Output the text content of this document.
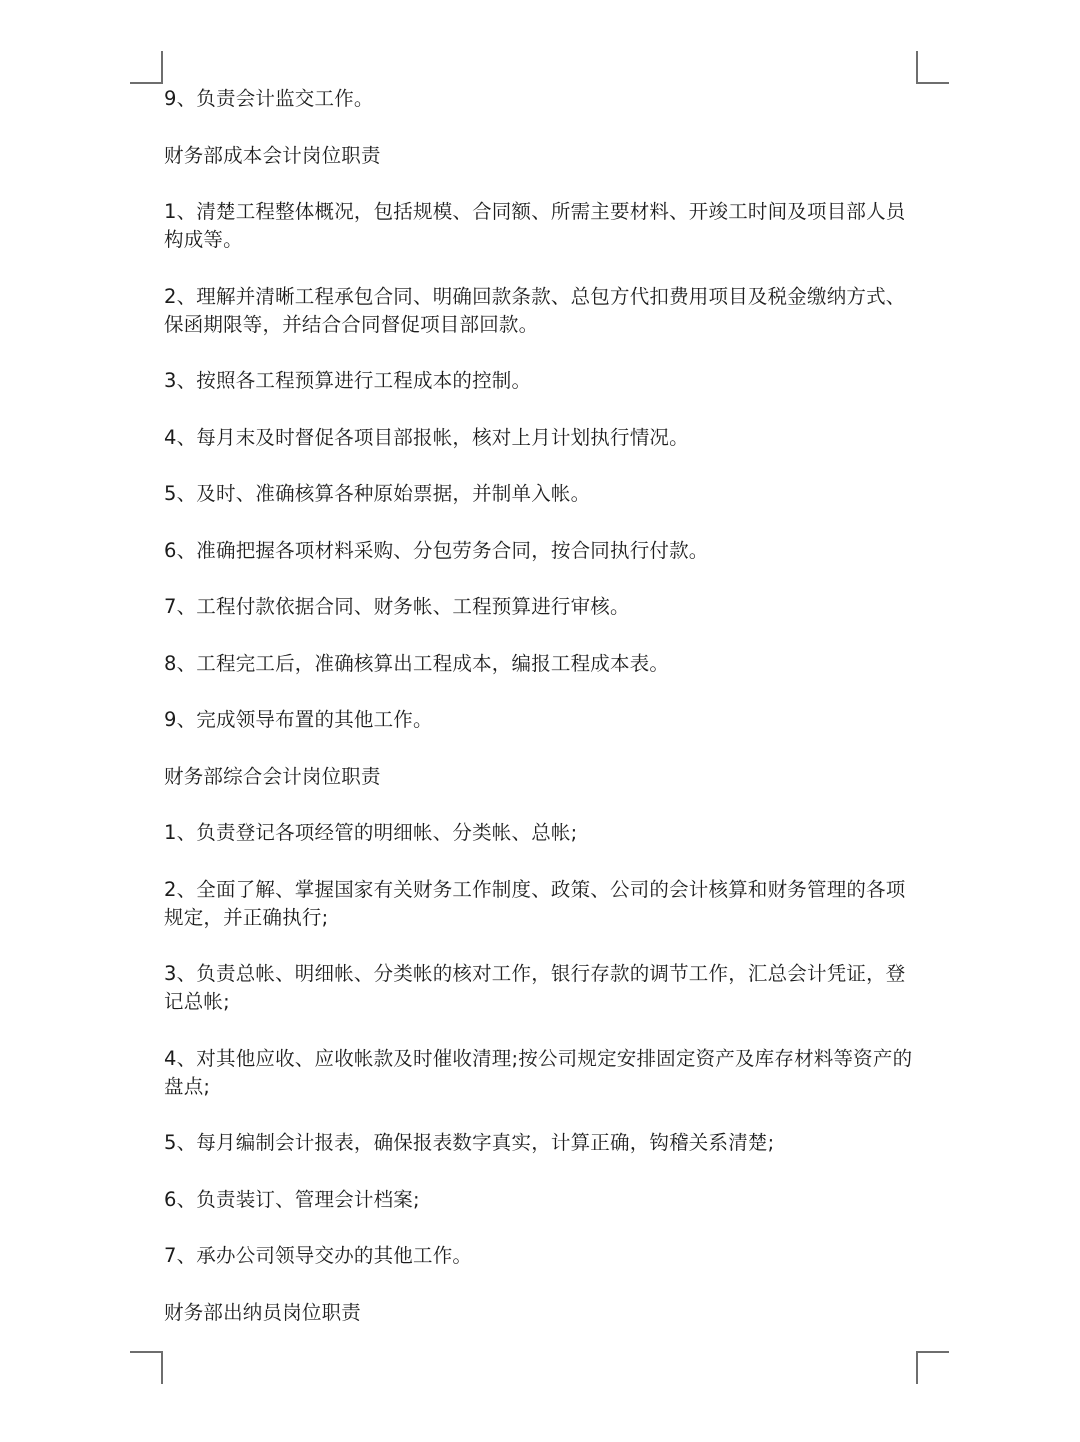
9、负责会计监交工作。

财务部成本会计岗位职责

1、清楚工程整体概况，包括规模、合同额、所需主要材料、开竣工时间及项目部人员构成等。

2、理解并清晰工程承包合同、明确回款条款、总包方代扣费用项目及税金缴纳方式、保函期限等，并结合合同督促项目部回款。

3、按照各工程预算进行工程成本的控制。

4、每月末及时督促各项目部报帐，核对上月计划执行情况。

5、及时、准确核算各种原始票据，并制单入帐。

6、准确把握各项材料采购、分包劳务合同，按合同执行付款。

7、工程付款依据合同、财务帐、工程预算进行审核。

8、工程完工后，准确核算出工程成本，编报工程成本表。

9、完成领导布置的其他工作。

财务部综合会计岗位职责

1、负责登记各项经管的明细帐、分类帐、总帐;

2、全面了解、掌握国家有关财务工作制度、政策、公司的会计核算和财务管理的各项规定，并正确执行;

3、负责总帐、明细帐、分类帐的核对工作，银行存款的调节工作，汇总会计凭证，登记总帐;

4、对其他应收、应收帐款及时催收清理;按公司规定安排固定资产及库存材料等资产的盘点;

5、每月编制会计报表，确保报表数字真实，计算正确，钩稽关系清楚;

6、负责装订、管理会计档案;

7、承办公司领导交办的其他工作。

财务部出纳员岗位职责
